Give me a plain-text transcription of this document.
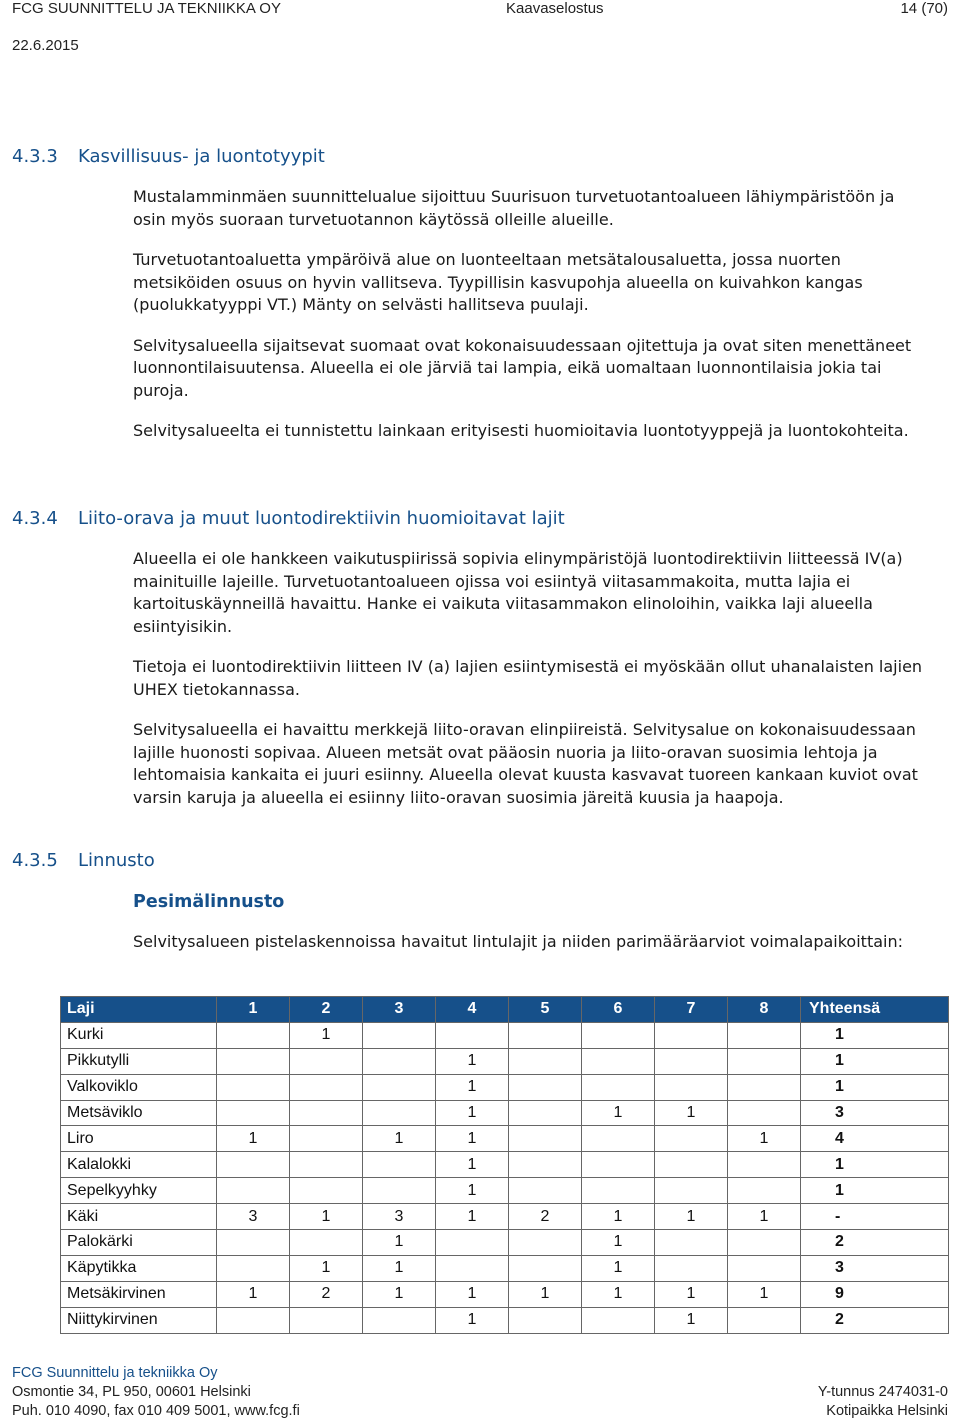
FCG SUUNNITTELU JA TEKNIIKKA OY	Kaavaselostus	14 (70)
22.6.2015
4.3.3 Kasvillisuus- ja luontotyypit

Mustalamminmäen suunnittelualue sijoittuu Suurisuon turvetuotantoalueen lähiympäristöön ja osin myös suoraan turvetuotannon käytössä olleille alueille.

Turvetuotantoaluetta ympäröivä alue on luonteeltaan metsätalousaluetta, jossa nuorten metsiköiden osuus on hyvin vallitseva. Tyypillisin kasvupohja alueella on kuivahkon kangas (puolukkatyyppi VT.) Mänty on selvästi hallitseva puulaji.

Selvitysalueella sijaitsevat suomaat ovat kokonaisuudessaan ojitettuja ja ovat siten menettäneet luonnontilaisuutensa. Alueella ei ole järviä tai lampia, eikä uomaltaan luonnontilaisia jokia tai puroja.

Selvitysalueelta ei tunnistettu lainkaan erityisesti huomioitavia luontotyyppejä ja luontokohteita.

4.3.4 Liito-orava ja muut luontodirektiivin huomioitavat lajit

Alueella ei ole hankkeen vaikutuspiirissä sopivia elinympäristöjä luontodirektiivin liitteessä IV(a) mainituille lajeille. Turvetuotantoalueen ojissa voi esiintyä viitasammakoita, mutta lajia ei kartoituskäynneillä havaittu. Hanke ei vaikuta viitasammakon elinoloihin, vaikka laji alueella esiintyisikin.

Tietoja ei luontodirektiivin liitteen IV (a) lajien esiintymisestä ei myöskään ollut uhanalaisten lajien UHEX tietokannassa.

Selvitysalueella ei havaittu merkkejä liito-oravan elinpiireistä. Selvitysalue on kokonaisuudessaan lajille huonosti sopivaa. Alueen metsät ovat pääosin nuoria ja liito-oravan suosimia lehtoja ja lehtomaisia kankaita ei juuri esiinny. Alueella olevat kuusta kasvavat tuoreen kankaan kuviot ovat varsin karuja ja alueella ei esiinny liito-oravan suosimia järeitä kuusia ja haapoja.

4.3.5 Linnusto
Pesimälinnusto

Selvitysalueen pistelaskennoissa havaitut lintulajit ja niiden parimääräarviot voimalapaikoittain:

Laji	1	2	3	4	5	6	7	8	Yhteensä
Kurki		1							1
Pikkutylli				1					1
Valkoviklo				1					1
Metsäviklo				1		1	1		3
Liro	1		1	1				1	4
Kalalokki				1					1
Sepelkyyhky				1					1
Käki	3	1	3	1	2	1	1	1	-
Palokärki			1			1			2
Käpytikka		1	1			1			3
Metsäkirvinen	1	2	1	1	1	1	1	1	9
Niittykirvinen				1			1		2
FCG Suunnittelu ja tekniikka Oy
Osmontie 34, PL 950, 00601 Helsinki
Puh. 010 4090, fax 010 409 5001, www.fcg.fi
Y-tunnus 2474031-0
Kotipaikka Helsinki
